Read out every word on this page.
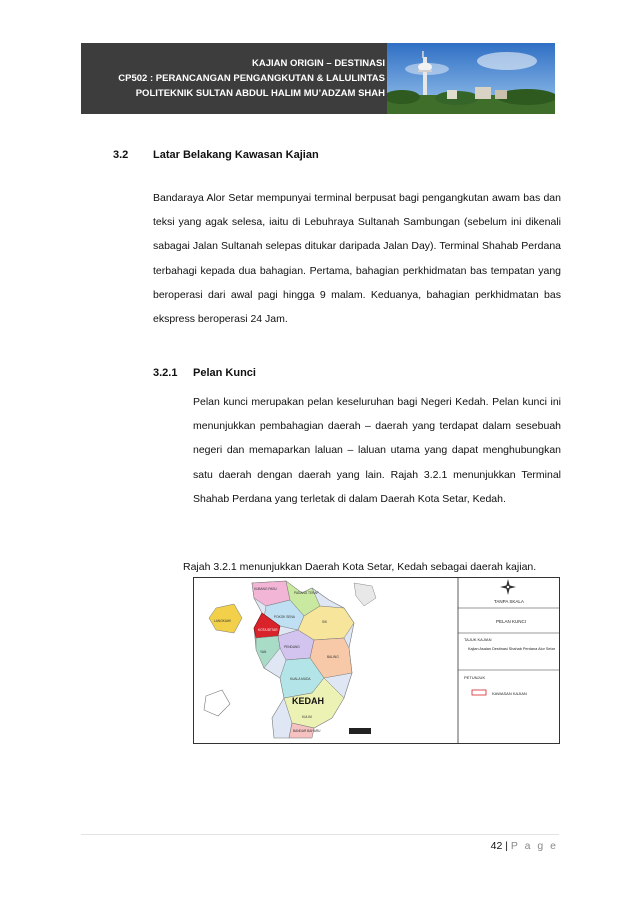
KAJIAN ORIGIN – DESTINASI
CP502 : PERANCANGAN PENGANGKUTAN & LALULINTAS
POLITEKNIK SULTAN ABDUL HALIM MU’ADZAM SHAH
3.2 Latar Belakang Kawasan Kajian
Bandaraya Alor Setar mempunyai terminal berpusat bagi pengangkutan awam bas dan teksi yang agak selesa, iaitu di Lebuhraya Sultanah Sambungan (sebelum ini dikenali sabagai Jalan Sultanah selepas ditukar daripada Jalan Day). Terminal Shahab Perdana terbahagi kepada dua bahagian. Pertama, bahagian perkhidmatan bas tempatan yang beroperasi dari awal pagi hingga 9 malam. Keduanya, bahagian perkhidmatan bas ekspress beroperasi 24 Jam.
3.2.1 Pelan Kunci
Pelan kunci merupakan pelan keseluruhan bagi Negeri Kedah. Pelan kunci ini menunjukkan pembahagian daerah – daerah yang terdapat dalam sesebuah negeri dan memaparkan laluan – laluan utama yang dapat menghubungkan satu daerah dengan daerah yang lain. Rajah 3.2.1 menunjukkan Terminal Shahab Perdana yang terletak di dalam Daerah Kota Setar, Kedah.
KEDAH
KUBANG PASU
PADANG TERAP
POKOK SENA
KOTA SETAR
PENDANG
SIK
YAN
BALING
KULIM
BANDAR BAHARU
KUALA MUDA
LANGKAWI
TANPA SKALA
PELAN KUNCI
TAJUK KAJIAN
Kajian Asalan Destinasi Shahab Perdana Alor Setar
PETUNJUK
KAWASAN KAJIAN
Rajah 3.2.1 menunjukkan Daerah Kota Setar, Kedah sebagai daerah kajian.
42 | P a g e
